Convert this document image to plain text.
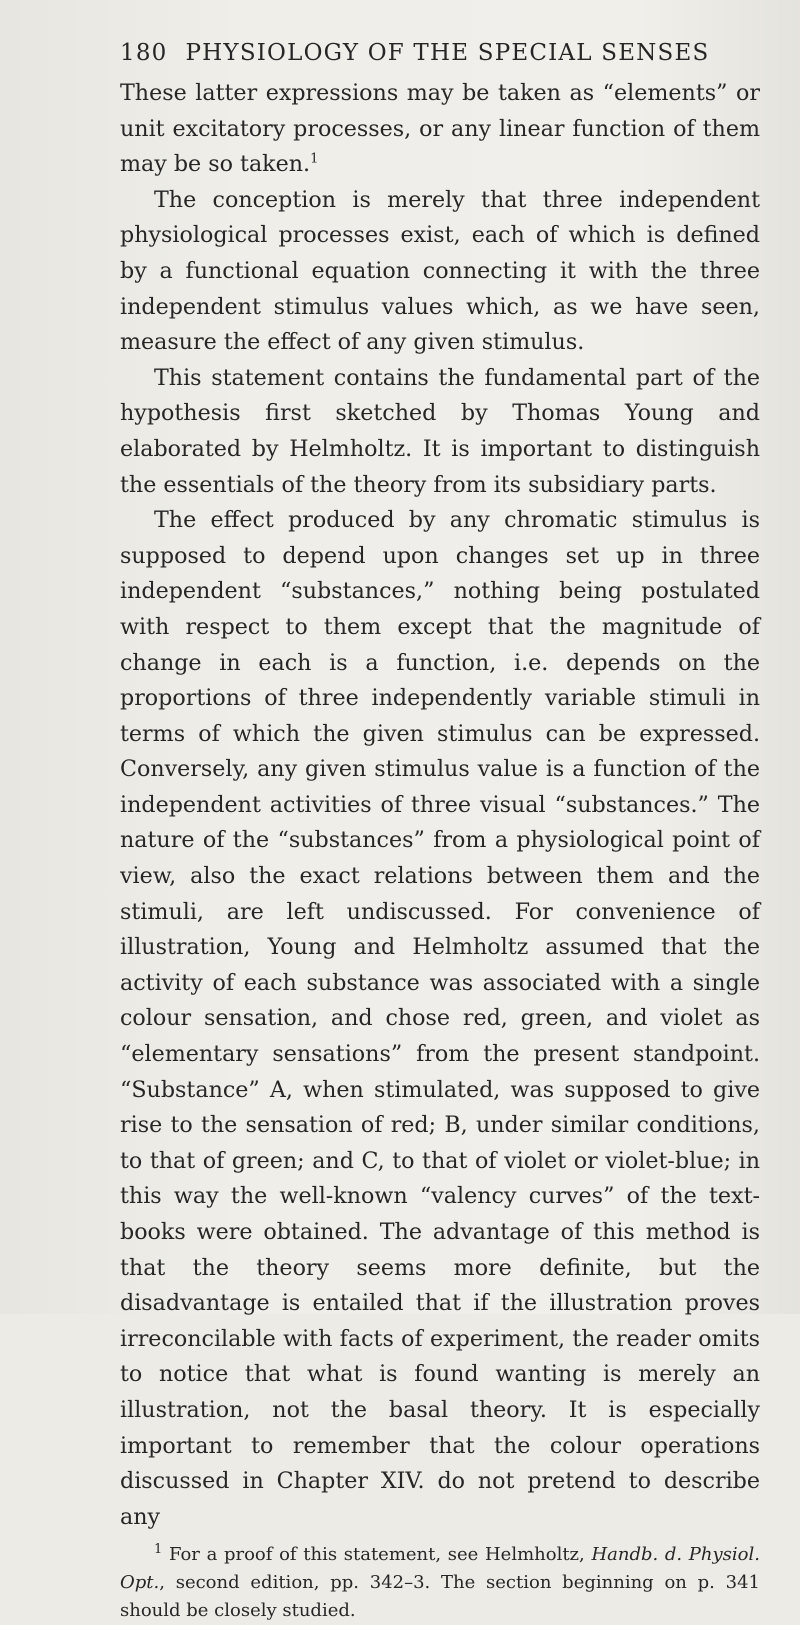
180 PHYSIOLOGY OF THE SPECIAL SENSES

These latter expressions may be taken as “elements” or unit excitatory processes, or any linear function of them may be so taken.$^1$

The conception is merely that three independent physiological processes exist, each of which is defined by a functional equation connecting it with the three independent stimulus values which, as we have seen, measure the effect of any given stimulus.

This statement contains the fundamental part of the hypothesis first sketched by Thomas Young and elaborated by Helmholtz. It is important to distinguish the essentials of the theory from its subsidiary parts.

The effect produced by any chromatic stimulus is supposed to depend upon changes set up in three independent “substances,” nothing being postulated with respect to them except that the magnitude of change in each is a function, i.e. depends on the proportions of three independently variable stimuli in terms of which the given stimulus can be expressed. Conversely, any given stimulus value is a function of the independent activities of three visual “substances.” The nature of the “substances” from a physiological point of view, also the exact relations between them and the stimuli, are left undiscussed. For convenience of illustration, Young and Helmholtz assumed that the activity of each substance was associated with a single colour sensation, and chose red, green, and violet as “elementary sensations” from the present standpoint. “Substance” A, when stimulated, was supposed to give rise to the sensation of red; B, under similar conditions, to that of green; and C, to that of violet or violet-blue; in this way the well-known “valency curves” of the text-books were obtained. The advantage of this method is that the theory seems more definite, but the disadvantage is entailed that if the illustration proves irreconcilable with facts of experiment, the reader omits to notice that what is found wanting is merely an illustration, not the basal theory. It is especially important to remember that the colour operations discussed in Chapter XIV. do not pretend to describe any

$^1$ For a proof of this statement, see Helmholtz, Handb. d. Physiol. Opt., second edition, pp. 342–3. The section beginning on p. 341 should be closely studied.
